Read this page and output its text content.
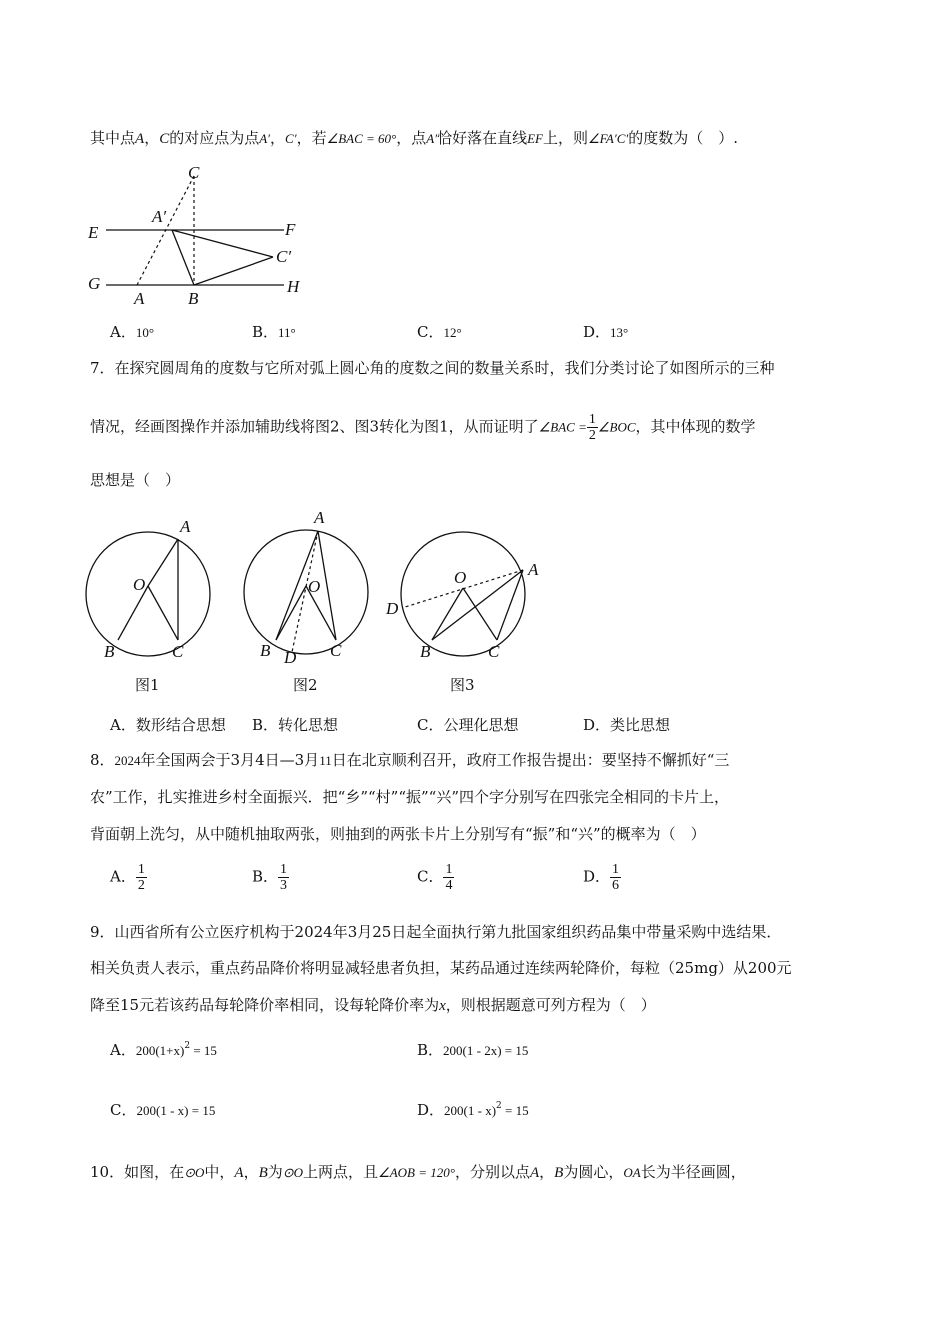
其中点A，C的对应点为点A′，C′，若∠BAC = 60°，点A′恰好落在直线EF上，则∠FA′C′的度数为（　）.
C
E	F
A′
C′
G
A	B
H
A．10°	B．11°	C．12°	D．13°
7．在探究圆周角的度数与它所对弧上圆心角的度数之间的数量关系时，我们分类讨论了如图所示的三种
情况，经画图操作并添加辅助线将图2、图3转化为图1，从而证明了∠BAC = $\frac{1}{2}$ ∠BOC，其中体现的数学
思想是（　）
A
O
B	C
A
O
B D C
O	A
D
B	C
图1	图2	图3
A．数形结合思想 B．转化思想	C．公理化思想	D．类比思想
8．2024年全国两会于3月4日—3月11日在北京顺利召开，政府工作报告提出：要坚持不懈抓好“三
农”工作，扎实推进乡村全面振兴．把“乡”“村”“振”“兴”四个字分别写在四张完全相同的卡片上，
背面朝上洗匀，从中随机抽取两张，则抽到的两张卡片上分别写有“振”和“兴”的概率为（　）
A． $\frac{1}{2}$	B． $\frac{1}{3}$	C． $\frac{1}{4}$	D． $\frac{1}{6}$
9．山西省所有公立医疗机构于2024年3月25日起全面执行第九批国家组织药品集中带量采购中选结果．
相关负责人表示，重点药品降价将明显减轻患者负担，某药品通过连续两轮降价，每粒（25mg）从200元
降至15元若该药品每轮降价率相同，设每轮降价率为x，则根据题意可列方程为（　）
A．$200(1+x)^2 = 15$	B．200(1 - 2x) = 15
C．200(1 - x) = 15	D．200(1 - x)$^2$ = 15
10．如图，在⊙O中，A，B为⊙O上两点，且∠AOB = 120°，分别以点A，B为圆心，OA长为半径画圆，
